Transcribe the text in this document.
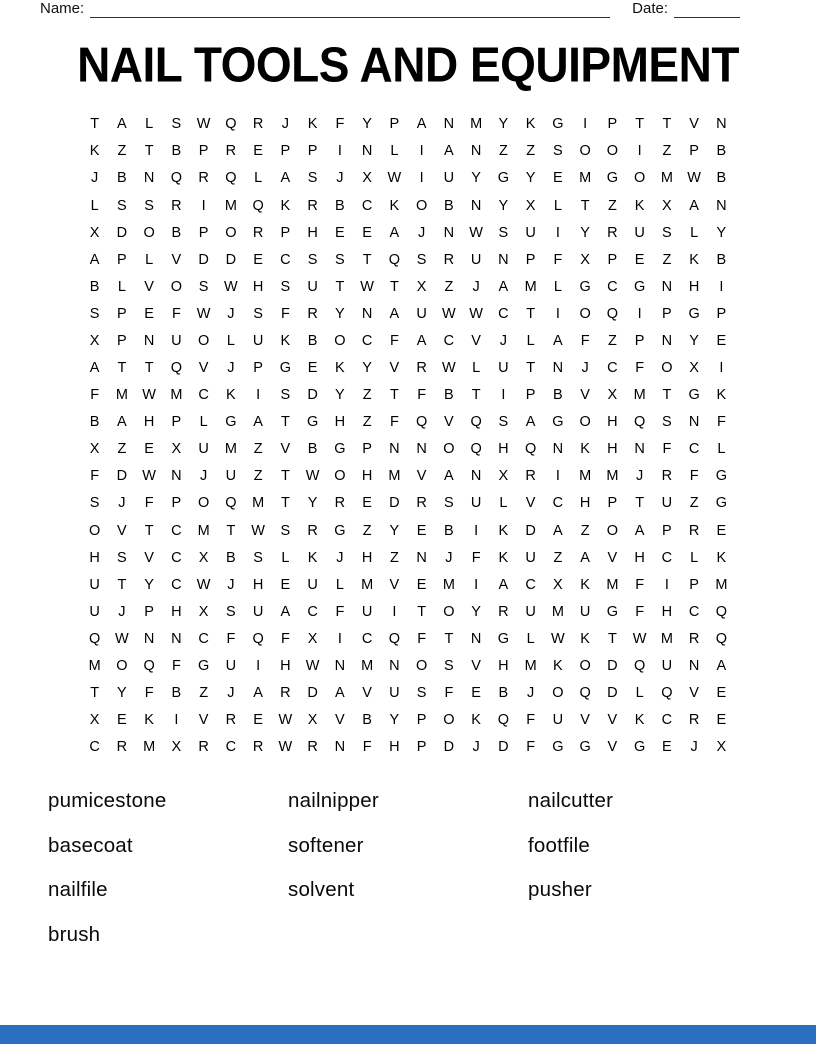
Name:	Date:
NAIL TOOLS AND EQUIPMENT
T	A	L	S	W	Q	R	J	K	F	Y	P	A	N	M	Y	K	G	I	P	T	T	V	N
K	Z	T	B	P	R	E	P	P	I	N	L	I	A	N	Z	Z	S	O	O	I	Z	P	B
J	B	N	Q	R	Q	L	A	S	J	X	W	I	U	Y	G	Y	E	M	G	O	M W	B
L	S	S	R	I	M	Q	K	R	B	C	K	O	B	N	Y	X	L	T	Z	K	X	A	N
X	D	O	B	P	O	R	P	H	E	E	A	J	N	W	S	U	I	Y	R	U	S	L	Y
A	P	L	V	D	D	E	C	S	S	T	Q	S	R	U	N	P	F	X	P	E	Z	K	B
B	L	V	O	S	W	H	S	U	T	W	T	X	Z	J	A	M	L	G	C	G	N	H	I
S	P	E	F	W	J	S	F	R	Y	N	A	U	W W	C	T	I	O	Q	I	P	G	P
X	P	N	U	O	L	U	K	B	O	C	F	A	C	V	J	L	A	F	Z	P	N	Y	E
A	T	T	Q	V	J	P	G	E	K	Y	V	R	W	L	U	T	N	J	C	F	O	X	I
F	M W M	C	K	I	S	D	Y	Z	T	F	B	T	I	P	B	V	X	M	T	G	K
B	A	H	P	L	G	A	T	G	H	Z	F	Q	V	Q	S	A	G	O	H	Q	S	N	F
X	Z	E	X	U	M	Z	V	B	G	P	N	N	O	Q	H	Q	N	K	H	N	F	C	L
F	D	W	N	J	U	Z	T	W	O	H	M	V	A	N	X	R	I	M	M	J	R	F	G
S	J	F	P	O	Q	M	T	Y	R	E	D	R	S	U	L	V	C	H	P	T	U	Z	G
O	V	T	C	M	T	W	S	R	G	Z	Y	E	B	I	K	D	A	Z	O	A	P	R	E
H	S	V	C	X	B	S	L	K	J	H	Z	N	J	F	K	U	Z	A	V	H	C	L	K
U	T	Y	C	W	J	H	E	U	L	M	V	E	M	I	A	C	X	K	M	F	I	P	M
U	J	P	H	X	S	U	A	C	F	U	I	T	O	Y	R	U	M	U	G	F	H	C	Q
Q	W	N	N	C	F	Q	F	X	I	C	Q	F	T	N	G	L	W	K	T	W M	R	Q
M	O	Q	F	G	U	I	H	W	N	M	N	O	S	V	H	M	K	O	D	Q	U	N	A
T	Y	F	B	Z	J	A	R	D	A	V	U	S	F	E	B	J	O	Q	D	L	Q	V	E
X	E	K	I	V	R	E	W	X	V	B	Y	P	O	K	Q	F	U	V	V	K	C	R	E
C	R	M	X	R	C	R	W	R	N	F	H	P	D	J	D	F	G	G	V	G	E	J	X
pumicestone	nailnipper	nailcutter
basecoat	softener	footfile
nailfile	solvent	pusher
brush
